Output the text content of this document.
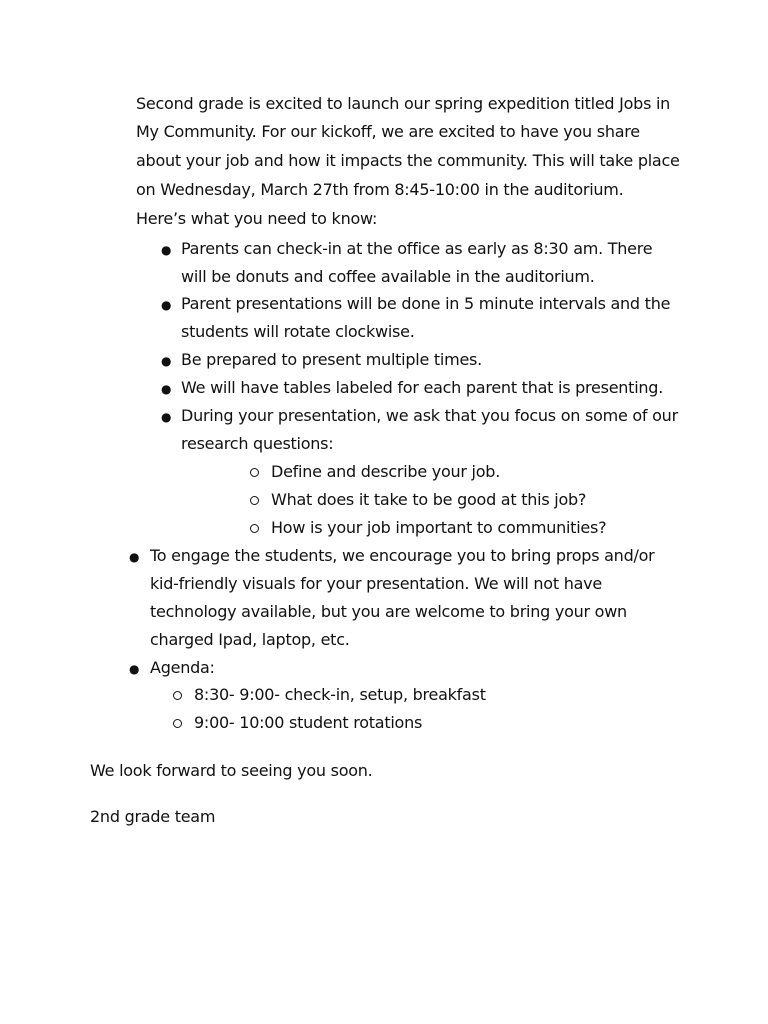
Second grade is excited to launch our spring expedition titled Jobs in
My Community. For our kickoff, we are excited to have you share
about your job and how it impacts the community. This will take place
on Wednesday, March 27th from 8:45-10:00 in the auditorium.
Here’s what you need to know:
● Parents can check-in at the office as early as 8:30 am. There
will be donuts and coffee available in the auditorium.
● Parent presentations will be done in 5 minute intervals and the
students will rotate clockwise.
● Be prepared to present multiple times.
● We will have tables labeled for each parent that is presenting.
● During your presentation, we ask that you focus on some of our
research questions:
Define and describe your job.
What does it take to be good at this job?
How is your job important to communities?
● To engage the students, we encourage you to bring props and/or
kid-friendly visuals for your presentation. We will not have
technology available, but you are welcome to bring your own
charged Ipad, laptop, etc.
● Agenda:
8:30- 9:00- check-in, setup, breakfast
9:00- 10:00 student rotations
We look forward to seeing you soon.
2nd grade team
